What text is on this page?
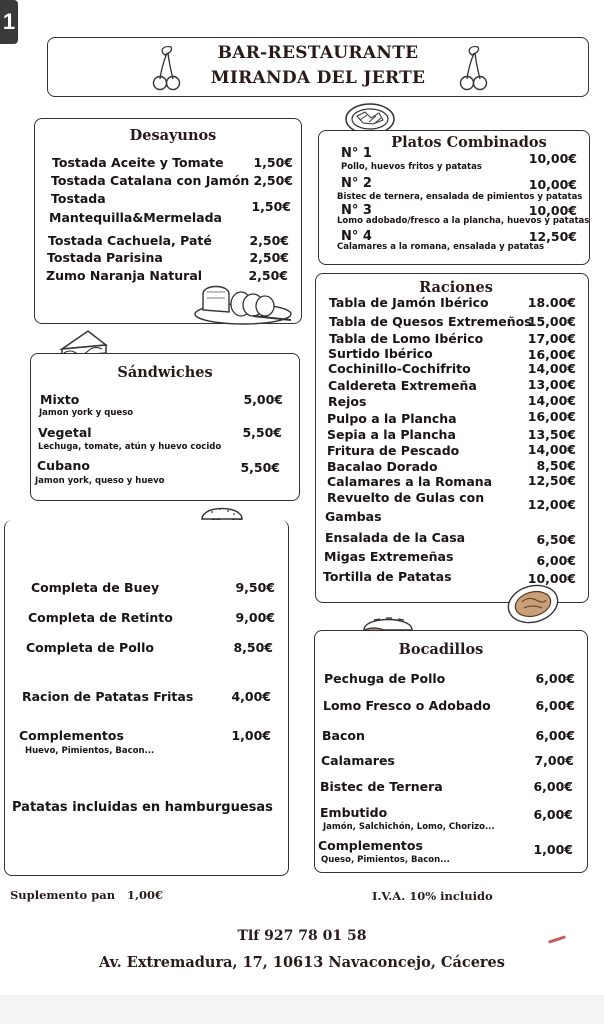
1
BAR-RESTAURANTE
MIRANDA DEL JERTE
Desayunos
Tostada Aceite y Tomate 1,50€
Tostada Catalana con Jamón 2,50€
Tostada
Mantequilla&Mermelada
1,50€
Tostada Cachuela, Paté	2,50€
Tostada Parisina	2,50€
Zumo Naranja Natural	2,50€
Platos Combinados
N° 1	10,00€
Pollo, huevos fritos y patatas
N° 2	10,00€
Bistec de ternera, ensalada de pimientos y patatas
N° 3	10,00€
Lomo adobado/fresco a la plancha, huevos y patatas
N° 4	12,50€
Calamares a la romana, ensalada y patatas
Raciones
Tabla de Jamón Ibérico	18.00€
Tabla de Quesos Extremeños
15,00€
Tabla de Lomo Ibérico	17,00€
Surtido Ibérico	16,00€
Cochinillo-Cochifrito	14,00€
Caldereta Extremeña	13,00€
Rejos	14,00€
Pulpo a la Plancha	16,00€
Sepia a la Plancha	13,50€
Fritura de Pescado	14,00€
Bacalao Dorado	8,50€
Calamares a la Romana	12,50€
Revuelto de Gulas con
Gambas
12,00€
Ensalada de la Casa	6,50€
Migas Extremeñas	6,00€
Tortilla de Patatas	10,00€
Sándwiches
Mixto	5,00€
Jamon york y queso
Vegetal	5,50€
Lechuga, tomate, atún y huevo cocido
Cubano	5,50€
Jamon york, queso y huevo
Completa de Buey	9,50€
Completa de Retinto	9,00€
Completa de Pollo	8,50€
Racion de Patatas Fritas	4,00€
Complementos	1,00€
Huevo, Pimientos, Bacon...
Patatas incluidas en hamburguesas
Bocadillos
Pechuga de Pollo	6,00€
Lomo Fresco o Adobado	6,00€
Bacon	6,00€
Calamares	7,00€
Bistec de Ternera	6,00€
Embutido	6,00€
Jamón, Salchichón, Lomo, Chorizo...
Complementos	1,00€
Queso, Pimientos, Bacon...
Suplemento pan 1,00€	I.V.A. 10% incluido
Tlf 927 78 01 58
Av. Extremadura, 17, 10613 Navaconcejo, Cáceres
